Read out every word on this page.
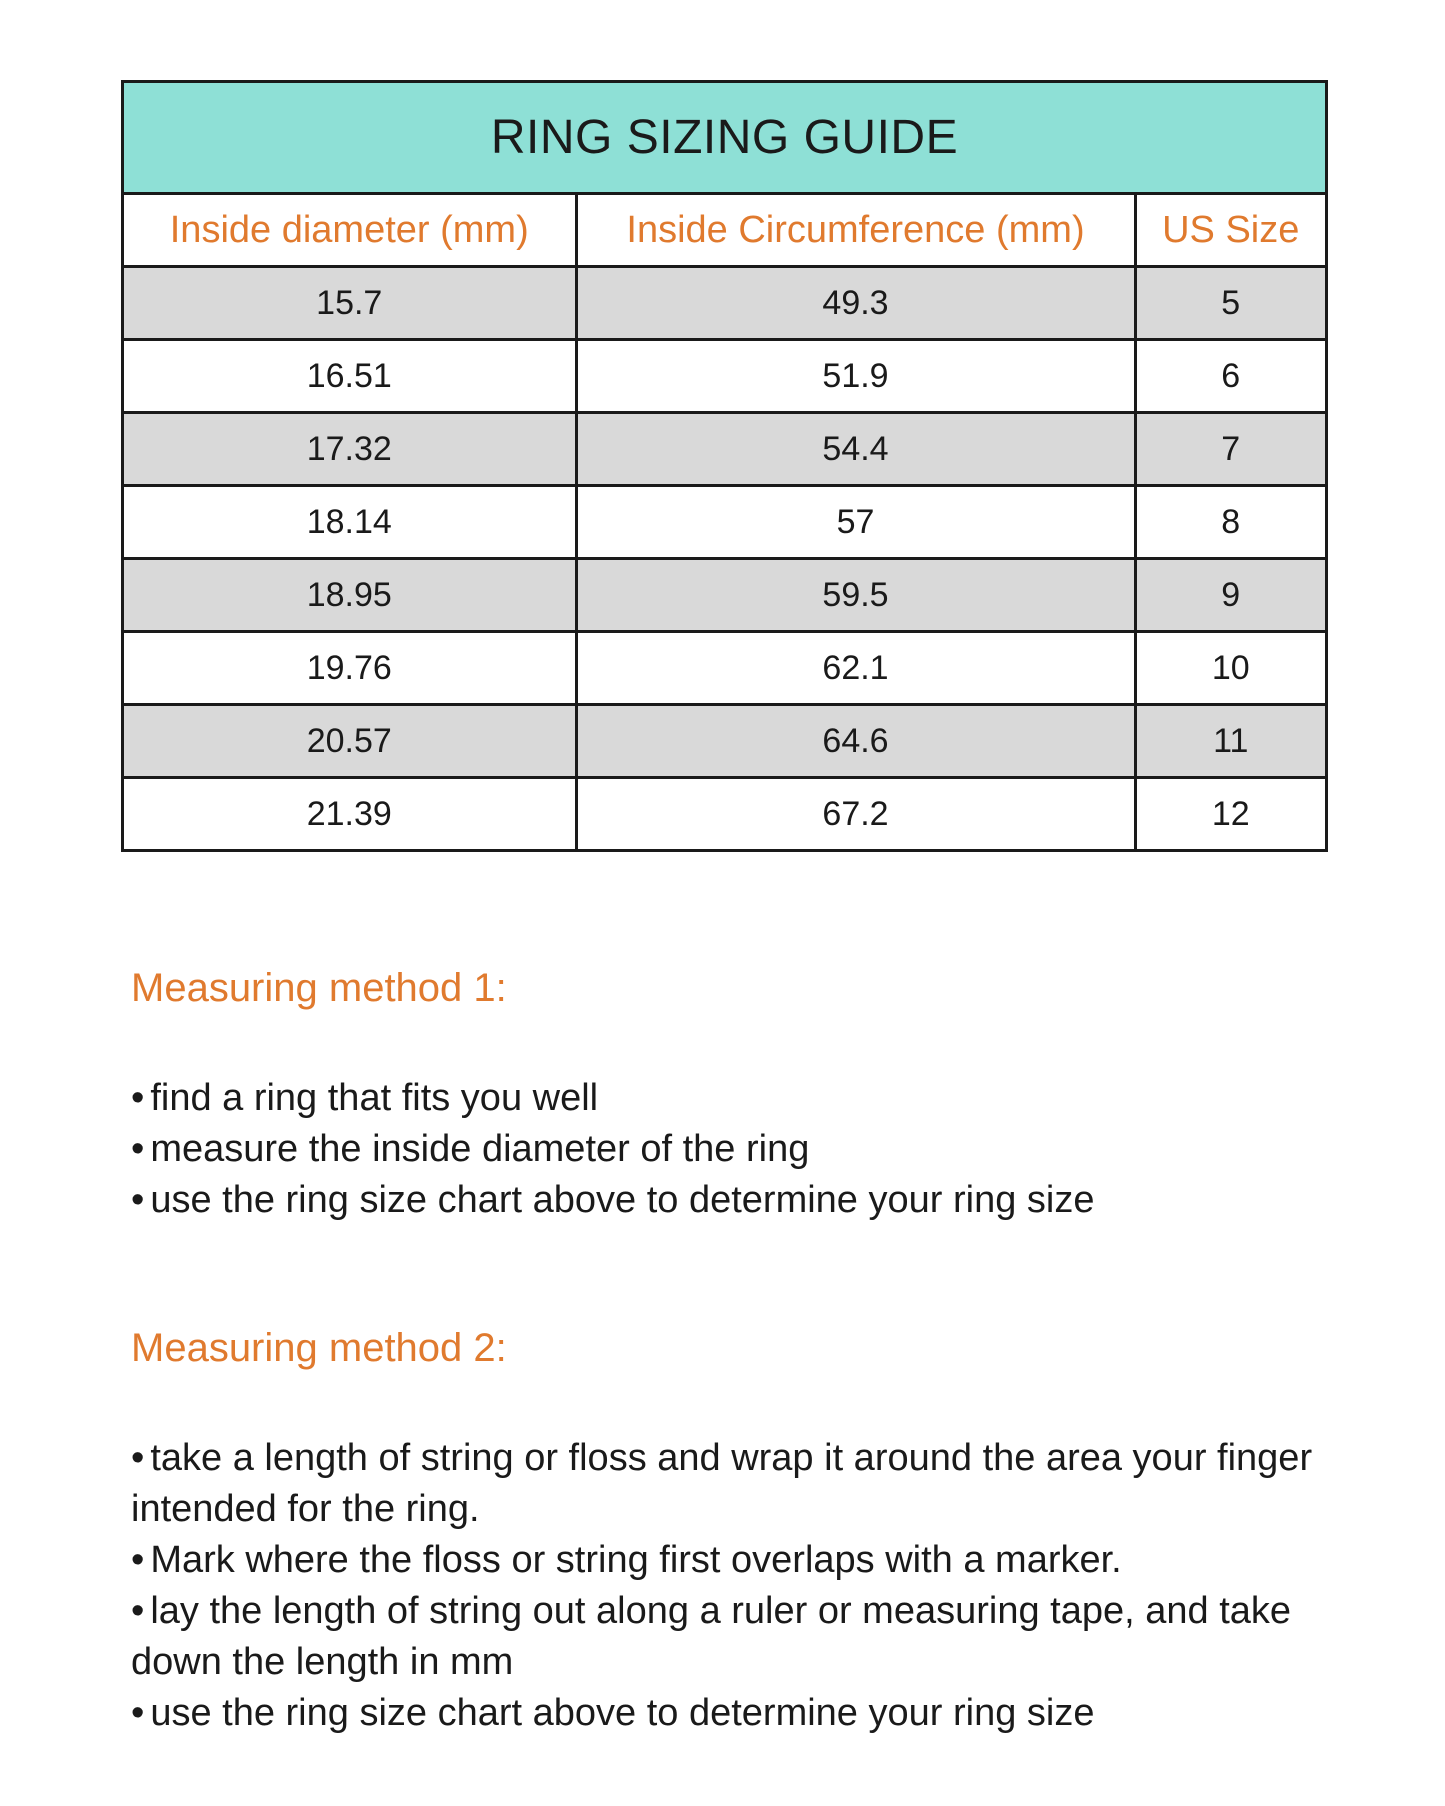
RING SIZING GUIDE
Inside diameter (mm)	Inside Circumference (mm)	US Size
15.7	49.3	5
16.51	51.9	6
17.32	54.4	7
18.14	57	8
18.95	59.5	9
19.76	62.1	10
20.57	64.6	11
21.39	67.2	12
Measuring method 1:
• find a ring that fits you well
• measure the inside diameter of the ring
• use the ring size chart above to determine your ring size
Measuring method 2:
• take a length of string or floss and wrap it around the area your finger intended for the ring.
• Mark where the floss or string first overlaps with a marker.
• lay the length of string out along a ruler or measuring tape, and take down the length in mm
• use the ring size chart above to determine your ring size
